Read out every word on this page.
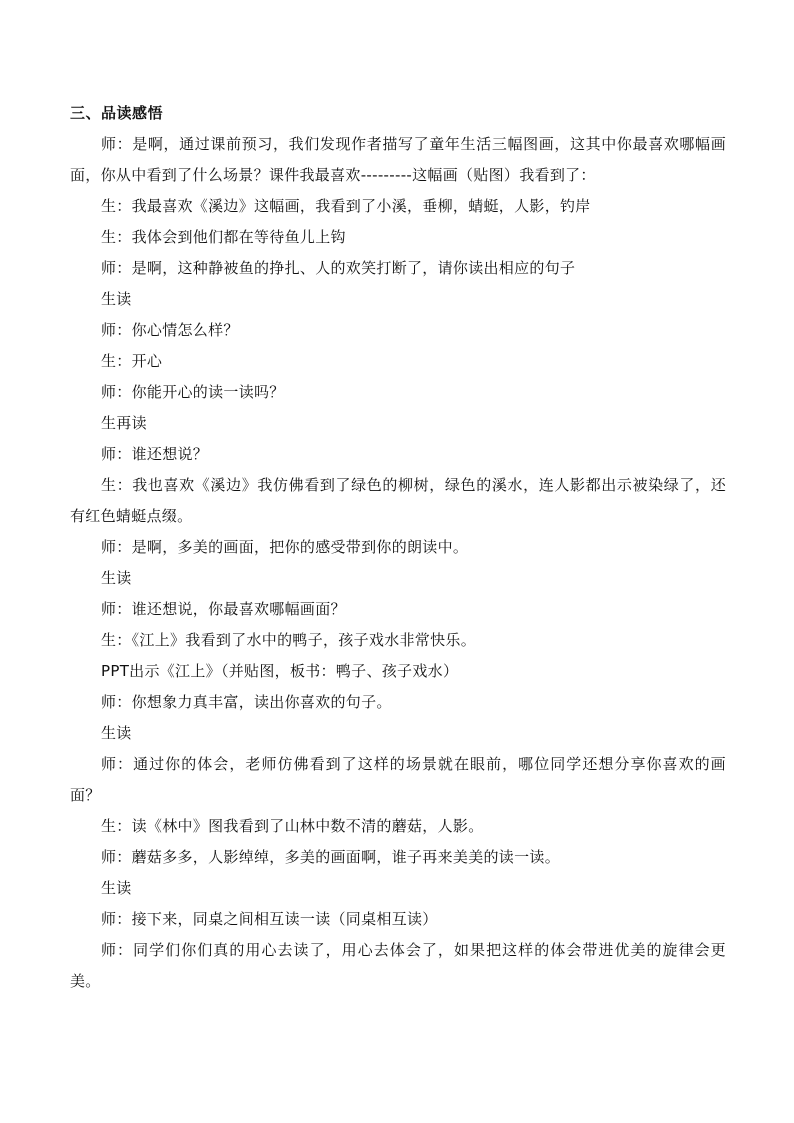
三、品读感悟

师：是啊，通过课前预习，我们发现作者描写了童年生活三幅图画，这其中你最喜欢哪幅画面，你从中看到了什么场景？课件我最喜欢---------这幅画（贴图）我看到了：

生：我最喜欢《溪边》这幅画，我看到了小溪，垂柳，蜻蜓，人影，钓岸

生：我体会到他们都在等待鱼儿上钩

师：是啊，这种静被鱼的挣扎、人的欢笑打断了，请你读出相应的句子

生读

师：你心情怎么样？

生：开心

师：你能开心的读一读吗？

生再读

师：谁还想说？

生：我也喜欢《溪边》我仿佛看到了绿色的柳树，绿色的溪水，连人影都出示被染绿了，还有红色蜻蜓点缀。

师：是啊，多美的画面，把你的感受带到你的朗读中。

生读

师：谁还想说，你最喜欢哪幅画面？

生：《江上》我看到了水中的鸭子，孩子戏水非常快乐。

PPT出示《江上》（并贴图，板书：鸭子、孩子戏水）

师：你想象力真丰富，读出你喜欢的句子。

生读

师：通过你的体会，老师仿佛看到了这样的场景就在眼前，哪位同学还想分享你喜欢的画面？

生：读《林中》图我看到了山林中数不清的蘑菇，人影。

师：蘑菇多多，人影绰绰，多美的画面啊，谁子再来美美的读一读。

生读

师：接下来，同桌之间相互读一读（同桌相互读）

师：同学们你们真的用心去读了，用心去体会了，如果把这样的体会带进优美的旋律会更美。
